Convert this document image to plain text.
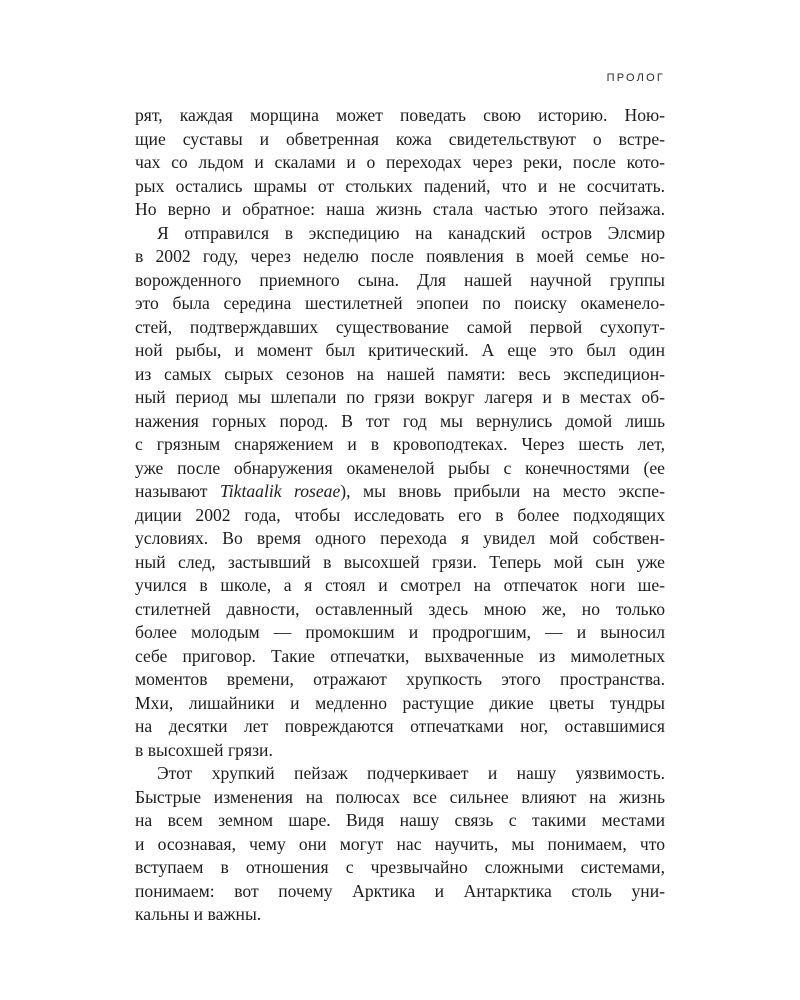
ПРОЛОГ
рят, каждая морщина может поведать свою историю. Ною-
щие суставы и обветренная кожа свидетельствуют о встре-
чах со льдом и скалами и о переходах через реки, после кото-
рых остались шрамы от стольких падений, что и не сосчитать.
Но верно и обратное: наша жизнь стала частью этого пейзажа.
Я отправился в экспедицию на канадский остров Элсмир
в 2002 году, через неделю после появления в моей семье но-
ворожденного приемного сына. Для нашей научной группы
это была середина шестилетней эпопеи по поиску окаменело-
стей, подтверждавших существование самой первой сухопут-
ной рыбы, и момент был критический. А еще это был один
из самых сырых сезонов на нашей памяти: весь экспедицион-
ный период мы шлепали по грязи вокруг лагеря и в местах об-
нажения горных пород. В тот год мы вернулись домой лишь
с грязным снаряжением и в кровоподтеках. Через шесть лет,
уже после обнаружения окаменелой рыбы с конечностями (ее
называют Tiktaalik roseae), мы вновь прибыли на место экспе-
диции 2002 года, чтобы исследовать его в более подходящих
условиях. Во время одного перехода я увидел мой собствен-
ный след, застывший в высохшей грязи. Теперь мой сын уже
учился в школе, а я стоял и смотрел на отпечаток ноги ше-
стилетней давности, оставленный здесь мною же, но только
более молодым — промокшим и продрогшим, — и выносил
себе приговор. Такие отпечатки, выхваченные из мимолетных
моментов времени, отражают хрупкость этого пространства.
Мхи, лишайники и медленно растущие дикие цветы тундры
на десятки лет повреждаются отпечатками ног, оставшимися
в высохшей грязи.
Этот хрупкий пейзаж подчеркивает и нашу уязвимость.
Быстрые изменения на полюсах все сильнее влияют на жизнь
на всем земном шаре. Видя нашу связь с такими местами
и осознавая, чему они могут нас научить, мы понимаем, что
вступаем в отношения с чрезвычайно сложными системами,
понимаем: вот почему Арктика и Антарктика столь уни-
кальны и важны.
